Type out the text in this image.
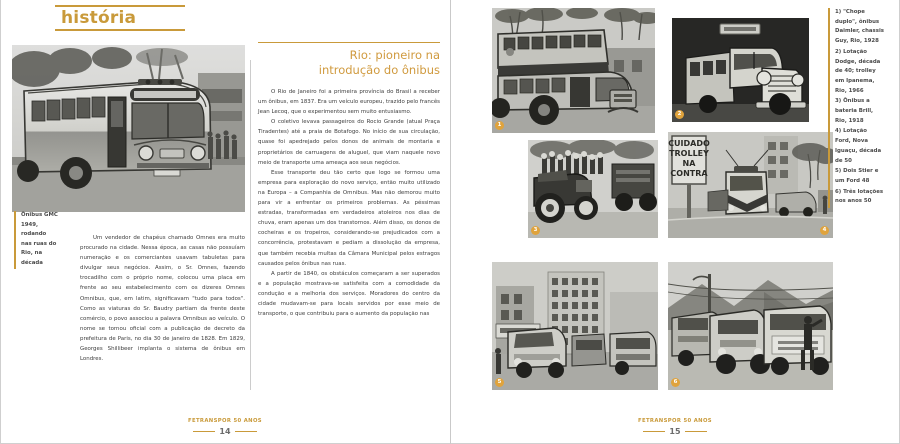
história
Ônibus GMC 1949, rodando nas ruas do Rio, na década
Rio: pioneiro na
introdução do ônibus

O Rio de Janeiro foi a primeira província do Brasil a receber um ônibus, em 1837. Era um veículo europeu, trazido pelo francês Jean Lecoq, que o experimentou sem muito entusiasmo.

O coletivo levava passageiros do Rocio Grande (atual Praça Tiradentes) até a praia de Botafogo. No início de sua circulação, quase foi apedrejado pelos donos de animais de montaria e proprietários de carruagens de aluguel, que viam naquele novo meio de transporte uma ameaça aos seus negócios.

Esse transporte deu tão certo que logo se formou uma empresa para exploração do novo serviço, então muito utilizado na Europa – a Companhia de Omnibus. Mas não demorou muito para vir a enfrentar os primeiros problemas. As péssimas estradas, transformadas em verdadeiros atoleiros nos dias de chuva, eram apenas um dos transtornos. Além disso, os donos de cocheiras e os tropeiros, considerando-se prejudicados com a concorrência, protestavam e pediam a dissolução da empresa, que também recebia multas da Câmara Municipal pelos estragos causados pelos ônibus nas ruas.

A partir de 1840, os obstáculos começaram a ser superados e a população mostrava-se satisfeita com a comodidade da condução e a melhoria dos serviços. Moradores do centro da cidade mudavam-se para locais servidos por esse meio de transporte, o que contribuiu para o aumento da população nas

Um vendedor de chapéus chamado Omnes era muito procurado na cidade. Nessa época, as casas não possuíam numeração e os comerciantes usavam tabuletas para divulgar seus negócios. Assim, o Sr. Omnes, fazendo trocadilho com o próprio nome, colocou uma placa em frente ao seu estabelecimento com os dizeres Omnes Omnibus, que, em latim, significavam "tudo para todos". Como as viaturas do Sr. Baudry partiam da frente deste comércio, o povo associou a palavra Omnibus ao veículo. O nome se tornou oficial com a publicação de decreto da prefeitura de Paris, no dia 30 de janeiro de 1828. Em 1829, Georges Shillibeer implanta o sistema de ônibus em Londres.

FETRANSPOR 50 ANOS
14
1
2
3
CUIDADO
TROLLEY
NA
CONTRA
4
5	6
FETRANSPOR 50 ANOS
15
1) "Chope duplo", ônibus Daimler, chassis Guy, Rio, 1928
2) Lotação Dodge, década de 40; trolley em Ipanema, Rio, 1966
3) Ônibus a bateria Brill, Rio, 1918
4) Lotação Ford, Nova Iguaçu, década de 50
5) Dois Stier e um Ford 48
6) Três lotações nos anos 50
